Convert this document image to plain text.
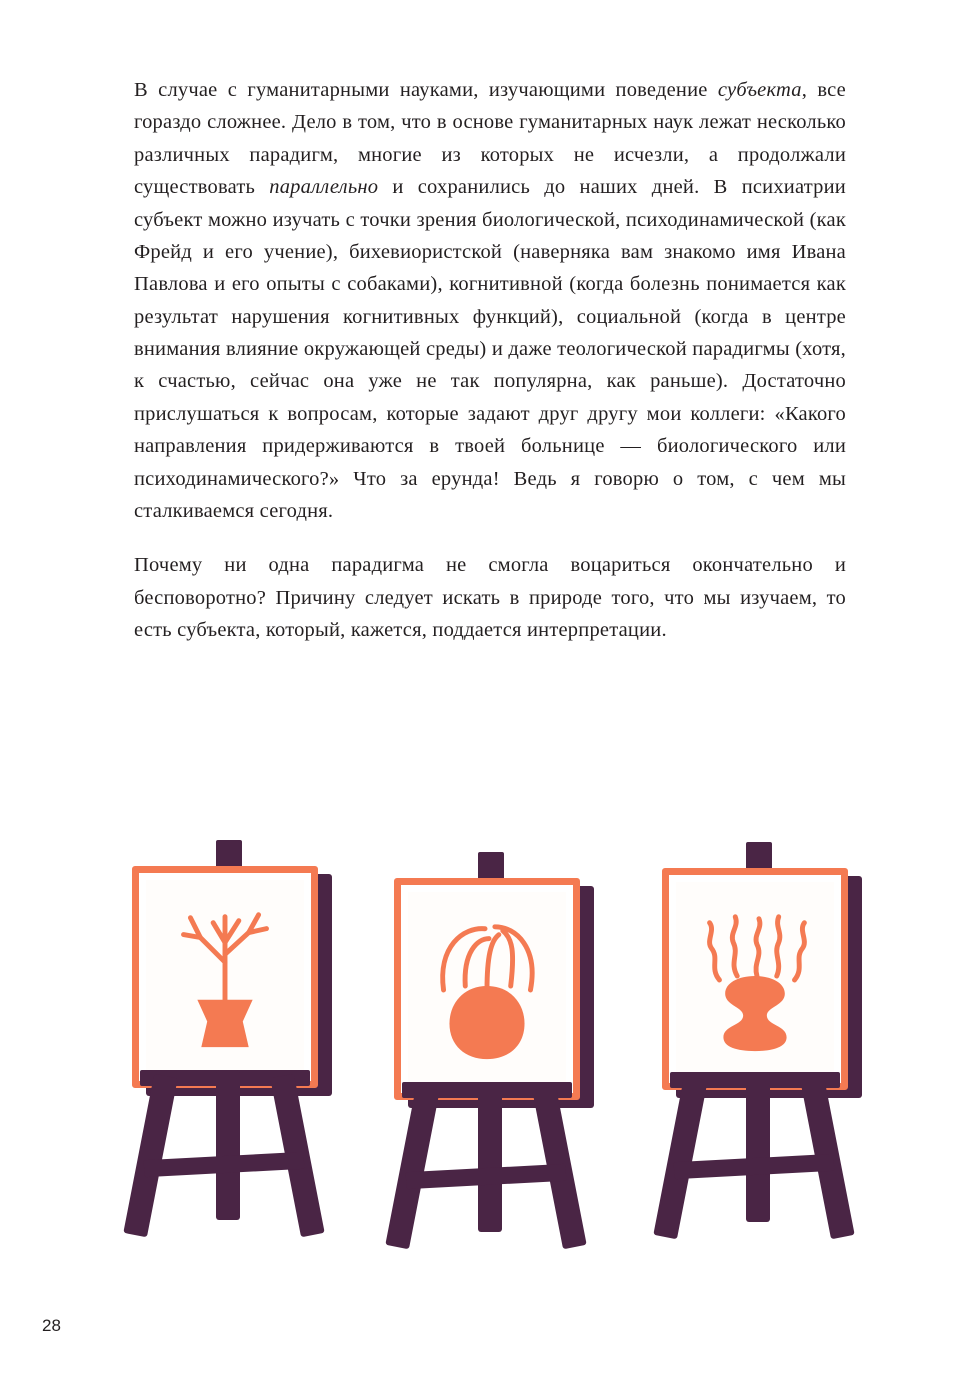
В случае с гуманитарными науками, изучающими поведение субъекта, все гораздо сложнее. Дело в том, что в основе гуманитарных наук лежат несколько различных парадигм, многие из которых не исчезли, а продолжали существовать параллельно и сохранились до наших дней. В психиатрии субъект можно изучать с точки зрения биологической, психодинамической (как Фрейд и его учение), бихевиористской (наверняка вам знакомо имя Ивана Павлова и его опыты с собаками), когнитивной (когда болезнь понимается как результат нарушения когнитивных функций), социальной (когда в центре внимания влияние окружающей среды) и даже теологической парадигмы (хотя, к счастью, сейчас она уже не так популярна, как раньше). Достаточно прислушаться к вопросам, которые задают друг другу мои коллеги: «Какого направления придерживаются в твоей больнице — биологического или психодинамического?» Что за ерунда! Ведь я говорю о том, с чем мы сталкиваемся сегодня.

Почему ни одна парадигма не смогла воцариться окончательно и бесповоротно? Причину следует искать в природе того, что мы изучаем, то есть субъекта, который, кажется, поддается интерпретации.

28
